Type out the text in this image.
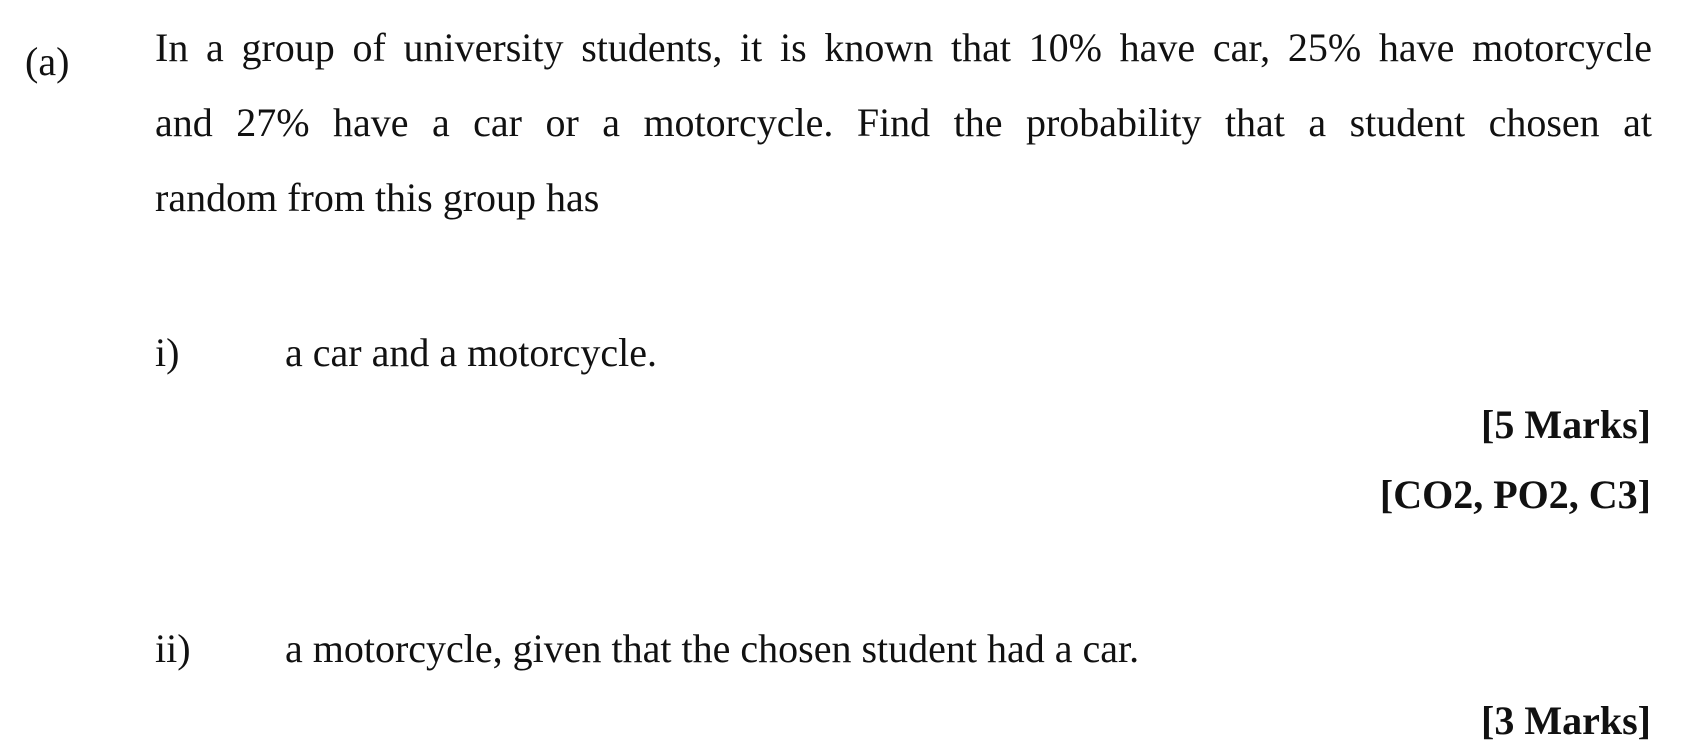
(a) In a group of university students, it is known that 10% have car, 25% have motorcycle
and 27% have a car or a motorcycle. Find the probability that a student chosen at
random from this group has
i)	a car and a motorcycle.
[5 Marks]
[CO2, PO2, C3]
ii) a motorcycle, given that the chosen student had a car.
[3 Marks]
